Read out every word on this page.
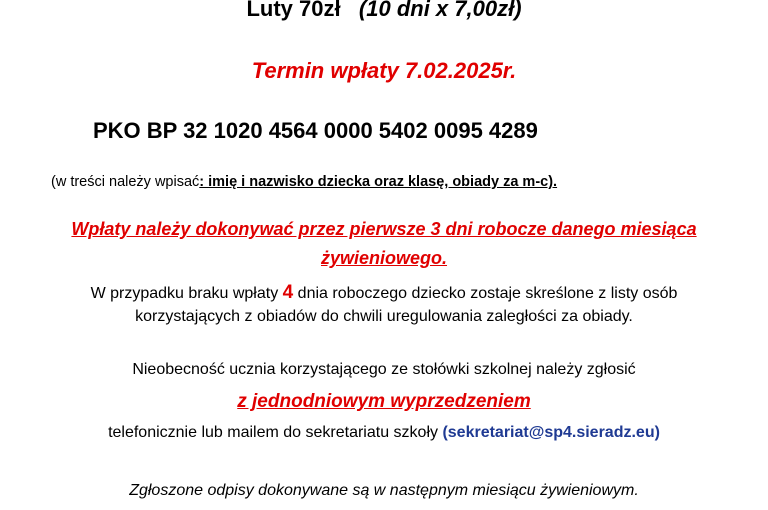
Luty 70zł (10 dni x 7,00zł)
Termin wpłaty 7.02.2025r.
PKO BP 32 1020 4564 0000 5402 0095 4289
(w treści należy wpisać: imię i nazwisko dziecka oraz klasę, obiady za m-c).
Wpłaty należy dokonywać przez pierwsze 3 dni robocze danego miesiąca
żywieniowego.
W przypadku braku wpłaty 4 dnia roboczego dziecko zostaje skreślone z listy osób
korzystających z obiadów do chwili uregulowania zaległości za obiady.
Nieobecność ucznia korzystającego ze stołówki szkolnej należy zgłosić
z jednodniowym wyprzedzeniem
telefonicznie lub mailem do sekretariatu szkoły (sekretariat@sp4.sieradz.eu)
Zgłoszone odpisy dokonywane są w następnym miesiącu żywieniowym.
